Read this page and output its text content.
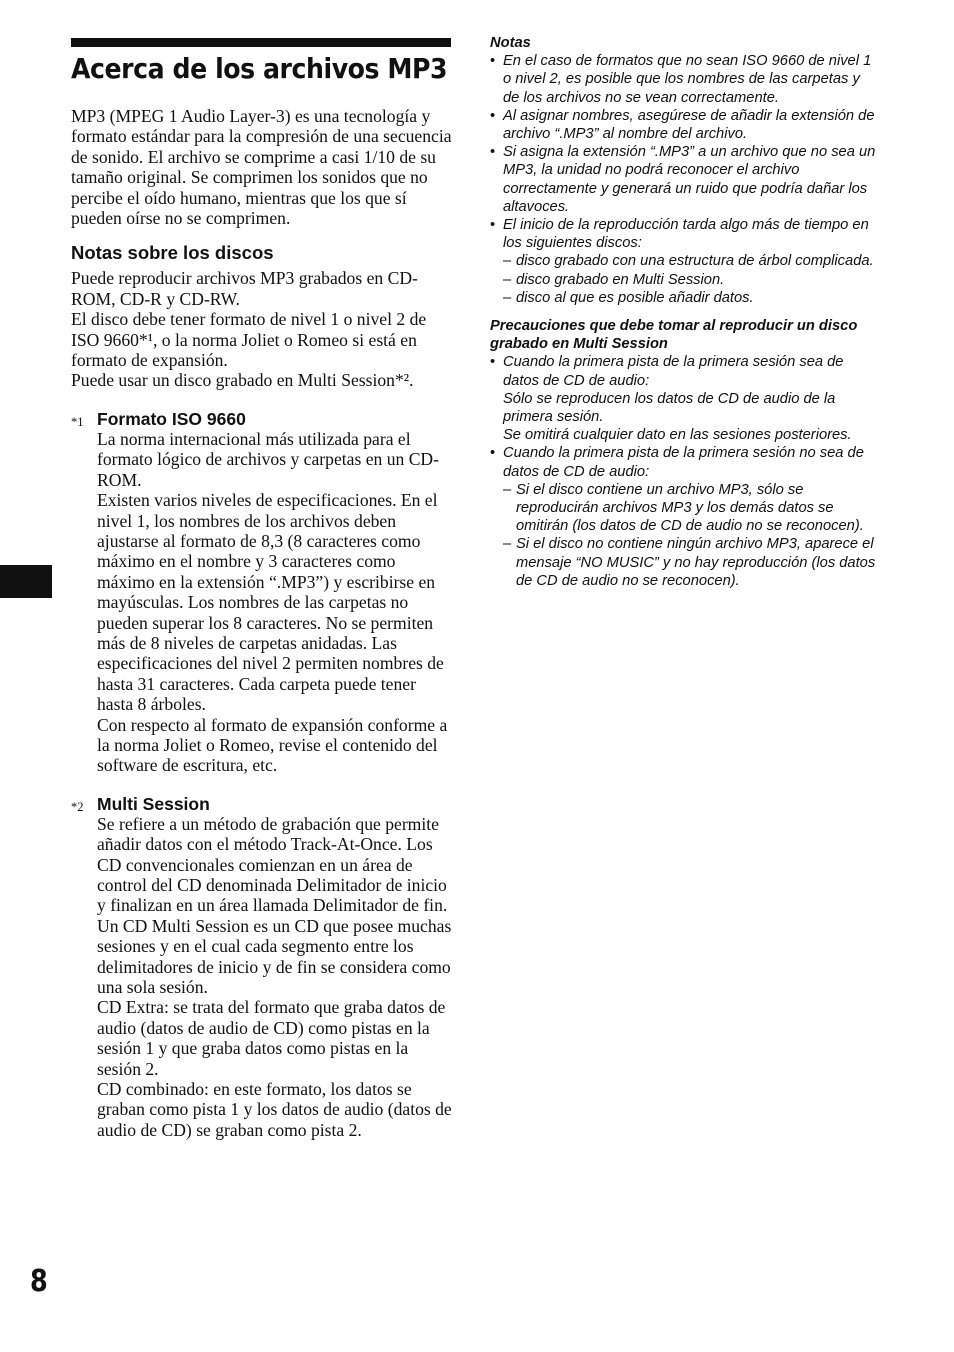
Acerca de los archivos MP3

MP3 (MPEG 1 Audio Layer-3) es una tecnología y formato estándar para la compresión de una secuencia de sonido. El archivo se comprime a casi 1/10 de su tamaño original. Se comprimen los sonidos que no percibe el oído humano, mientras que los que sí pueden oírse no se comprimen.

Notas sobre los discos

Puede reproducir archivos MP3 grabados en CD-ROM, CD-R y CD-RW.

El disco debe tener formato de nivel 1 o nivel 2 de ISO 9660*¹, o la norma Joliet o Romeo si está en formato de expansión.

Puede usar un disco grabado en Multi Session*².

*1 Formato ISO 9660

La norma internacional más utilizada para el formato lógico de archivos y carpetas en un CD-ROM.

Existen varios niveles de especificaciones. En el nivel 1, los nombres de los archivos deben ajustarse al formato de 8,3 (8 caracteres como máximo en el nombre y 3 caracteres como máximo en la extensión “.MP3”) y escribirse en mayúsculas. Los nombres de las carpetas no pueden superar los 8 caracteres. No se permiten más de 8 niveles de carpetas anidadas. Las especificaciones del nivel 2 permiten nombres de hasta 31 caracteres. Cada carpeta puede tener hasta 8 árboles.

Con respecto al formato de expansión conforme a la norma Joliet o Romeo, revise el contenido del software de escritura, etc.

*2 Multi Session

Se refiere a un método de grabación que permite añadir datos con el método Track-At-Once. Los CD convencionales comienzan en un área de control del CD denominada Delimitador de inicio y finalizan en un área llamada Delimitador de fin. Un CD Multi Session es un CD que posee muchas sesiones y en el cual cada segmento entre los delimitadores de inicio y de fin se considera como una sola sesión.

CD Extra: se trata del formato que graba datos de audio (datos de audio de CD) como pistas en la sesión 1 y que graba datos como pistas en la sesión 2.

CD combinado: en este formato, los datos se graban como pista 1 y los datos de audio (datos de audio de CD) se graban como pista 2.

Notas

• En el caso de formatos que no sean ISO 9660 de nivel 1 o nivel 2, es posible que los nombres de las carpetas y de los archivos no se vean correctamente.

• Al asignar nombres, asegúrese de añadir la extensión de archivo “.MP3” al nombre del archivo.

• Si asigna la extensión “.MP3” a un archivo que no sea un MP3, la unidad no podrá reconocer el archivo correctamente y generará un ruido que podría dañar los altavoces.

• El inicio de la reproducción tarda algo más de tiempo en los siguientes discos:

– disco grabado con una estructura de árbol complicada.
– disco grabado en Multi Session.
– disco al que es posible añadir datos.

Precauciones que debe tomar al reproducir un disco grabado en Multi Session

• Cuando la primera pista de la primera sesión sea de datos de CD de audio:

Sólo se reproducen los datos de CD de audio de la primera sesión.

Se omitirá cualquier dato en las sesiones posteriores.

• Cuando la primera pista de la primera sesión no sea de datos de CD de audio:

– Si el disco contiene un archivo MP3, sólo se reproducirán archivos MP3 y los demás datos se omitirán (los datos de CD de audio no se reconocen).
– Si el disco no contiene ningún archivo MP3, aparece el mensaje “NO MUSIC” y no hay reproducción (los datos de CD de audio no se reconocen).
8
